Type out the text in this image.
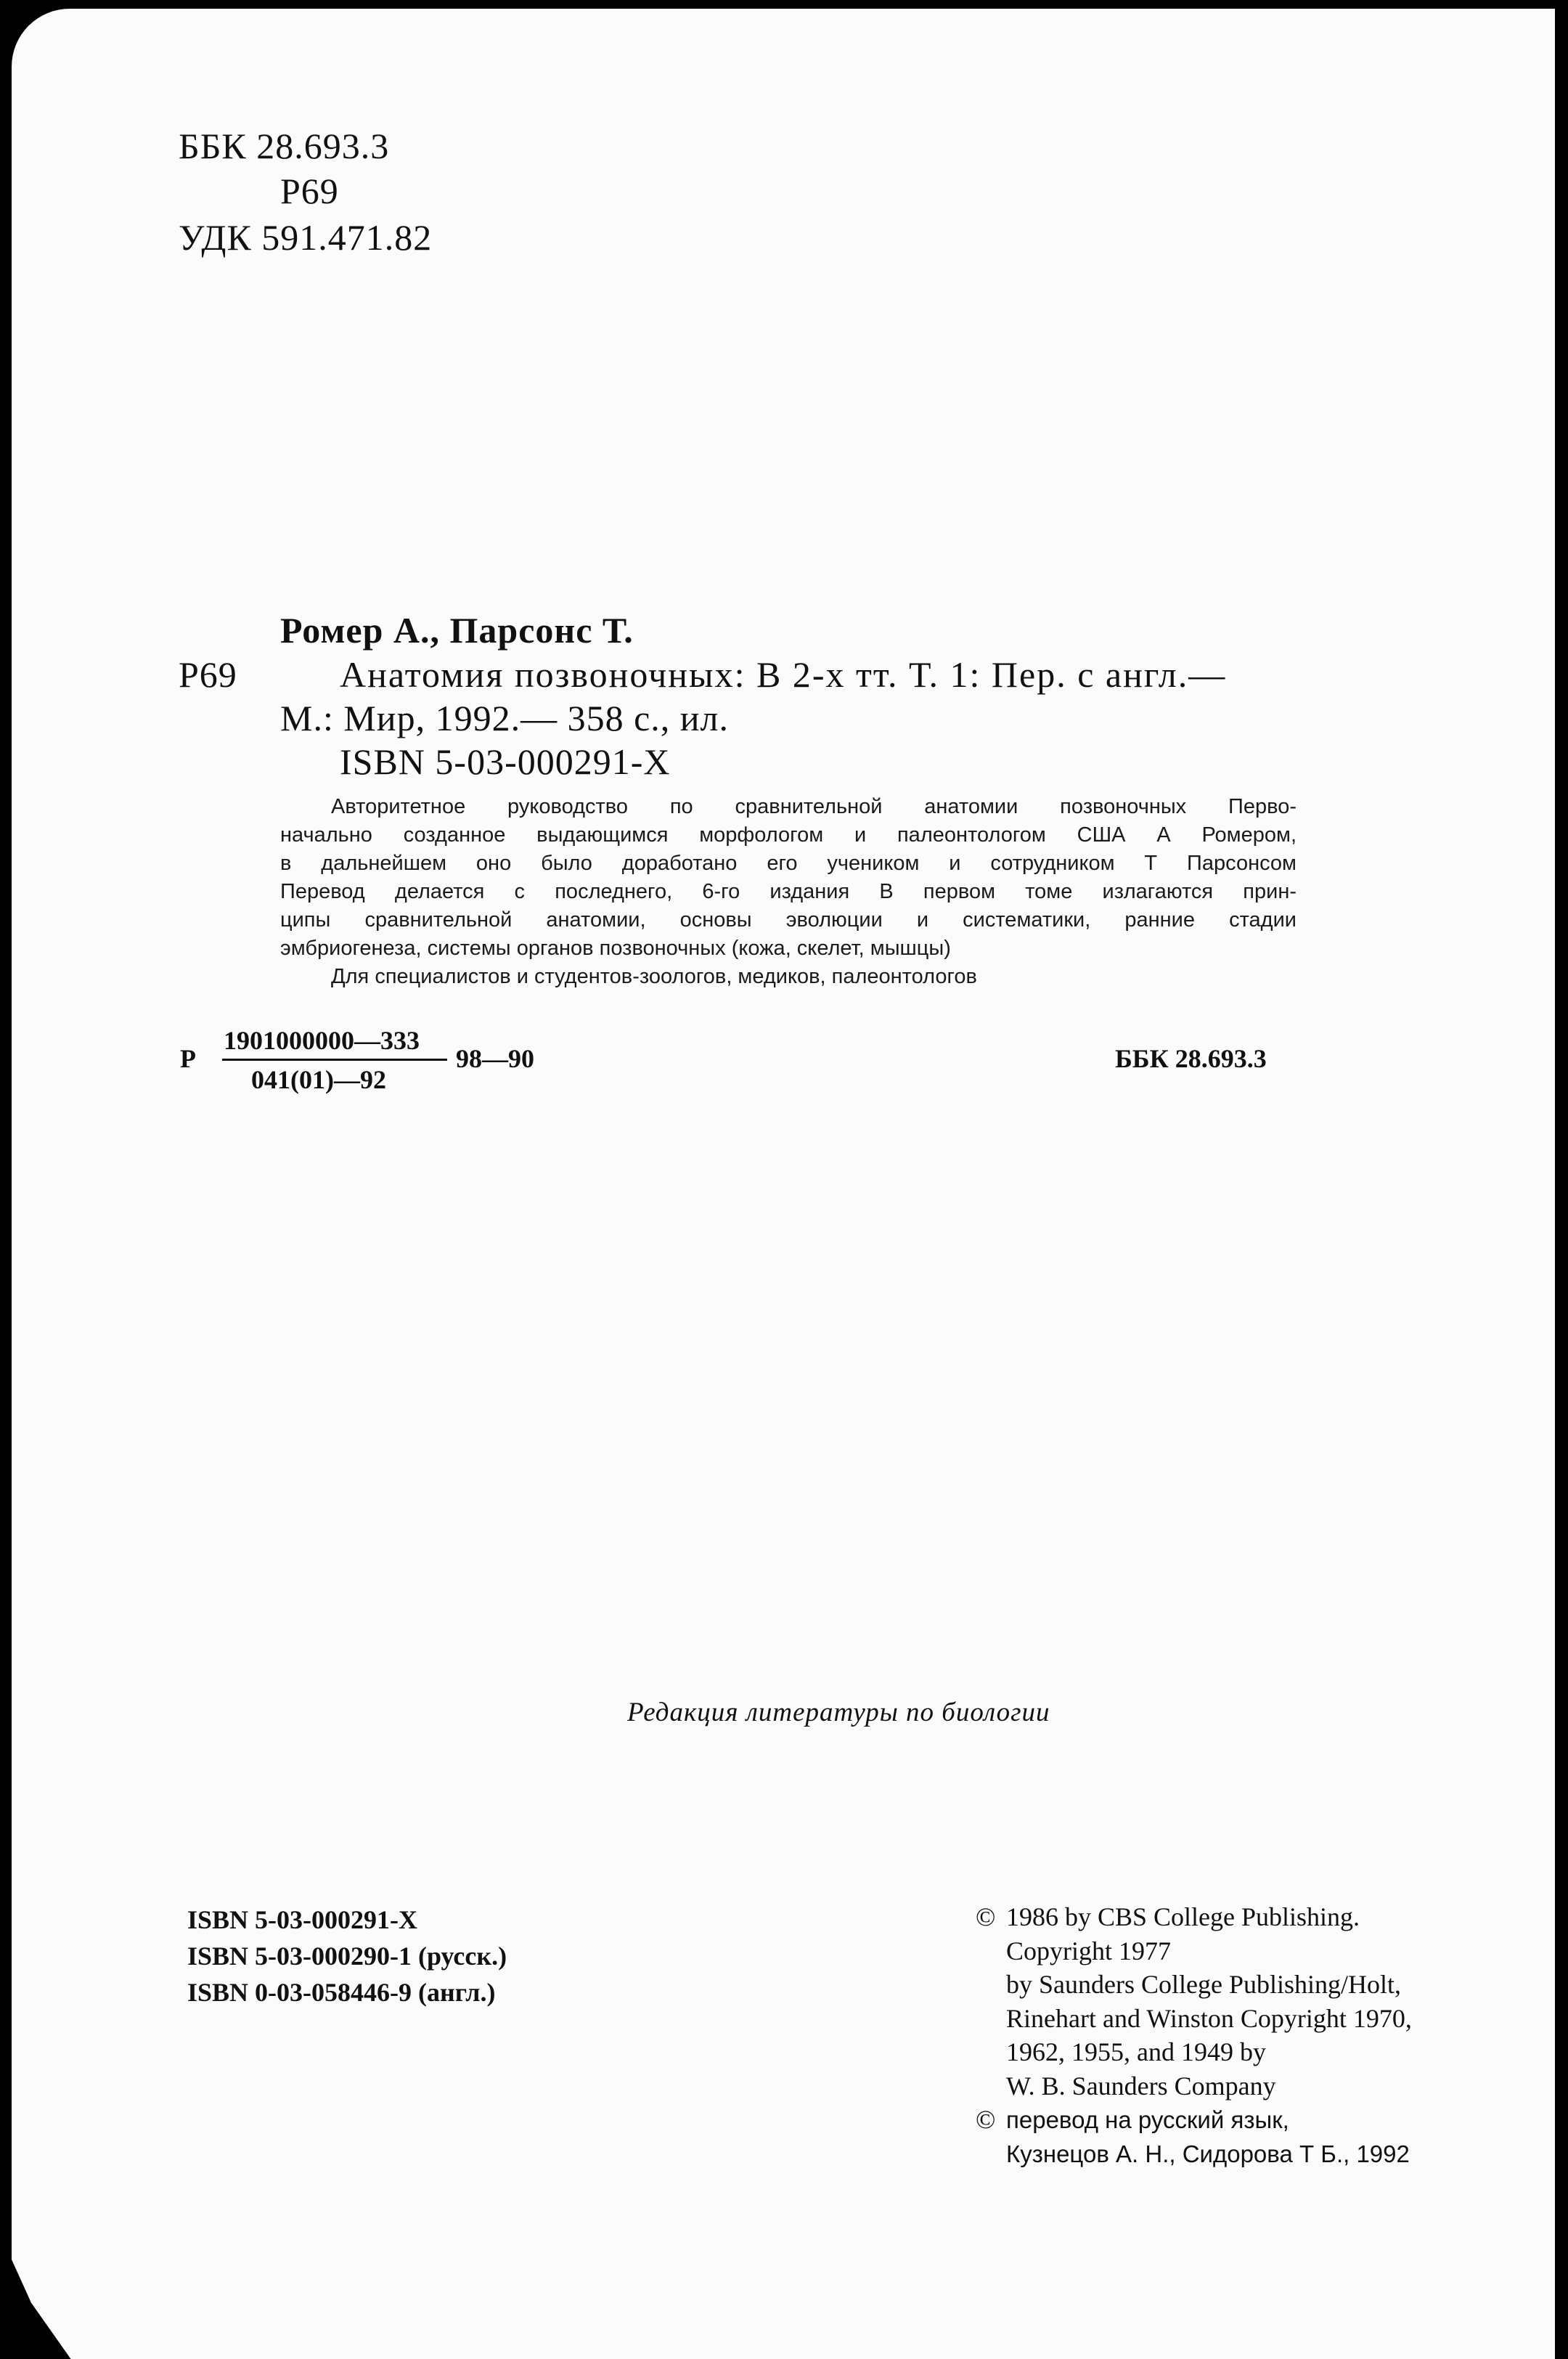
ББК 28.693.3
Р69
УДК 591.471.82
Ромер А., Парсонс Т.
Р69	Анатомия позвоночных: В 2-х тт. Т. 1: Пер. с англ.—
М.: Мир, 1992.— 358 с., ил.
ISBN 5-03-000291-X
Авторитетное руководство по сравнительной анатомии позвоночных Перво-
начально созданное выдающимся морфологом и палеонтологом США А Ромером,
в дальнейшем оно было доработано его учеником и сотрудником Т Парсонсом
Перевод делается с последнего, 6-го издания В первом томе излагаются прин-
ципы сравнительной анатомии, основы эволюции и систематики, ранние стадии
эмбриогенеза, системы органов позвоночных (кожа, скелет, мышцы)
Для специалистов и студентов-зоологов, медиков, палеонтологов
Р
1901000000—333
041(01)—92
98—90	ББК 28.693.3
Редакция литературы по биологии
ISBN 5-03-000291-X
ISBN 5-03-000290-1 (русск.)
ISBN 0-03-058446-9 (англ.)
© 1986 by CBS College Publishing.
Copyright 1977
by Saunders College Publishing/Holt,
Rinehart and Winston Copyright 1970,
1962, 1955, and 1949 by
W. B. Saunders Company
© перевод на русский язык,
Кузнецов А. Н., Сидорова Т Б., 1992
